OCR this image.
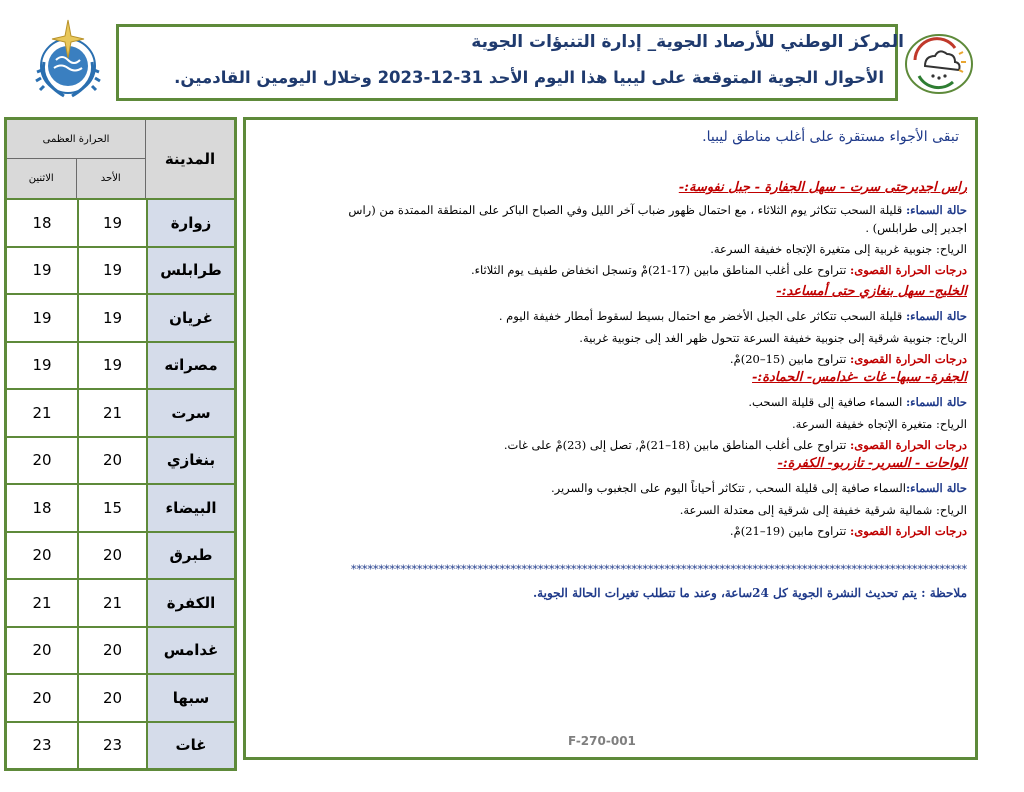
المركز الوطني للأرصاد الجوية_ إدارة التنبؤات الجوية
الأحوال الجوية المتوقعة على ليبيا هذا اليوم الأحد 31-12-2023 وخلال اليومين القادمين.
الحرارة العظمى
الاثنين	الأحد
المدينة
18	19	زوارة
19	19	طرابلس
19	19	غريان
19	19	مصراته
21	21	سرت
20	20	بنغازي
18	15	البيضاء
20	20	طبرق
21	21	الكفرة
20	20	غدامس
20	20	سبها
23	23	غات
تبقى الأجواء مستقرة على أغلب مناطق ليبيا.
راس اجديرحتى سرت - سهل الجفارة - جبل نفوسة:-
حالة السماء: قليلة السحب تتكاثر يوم الثلاثاء ، مع احتمال ظهور ضباب آخر الليل وفي الصباح الباكر على المنطقة الممتدة من (راس
اجدير إلى طرابلس) .
الرياح: جنوبية غربية إلى متغيرة الإتجاه خفيفة السرعة.
درجات الحرارة القصوى: تتراوح على أغلب المناطق مابين (17-21)مْ وتسجل انخفاض طفيف يوم الثلاثاء.
الخليج- سهل بنغازي حتى أمساعد:-
حالة السماء: قليلة السحب تتكاثر على الجبل الأخضر مع احتمال بسيط لسقوط أمطار خفيفة اليوم .
الرياح: جنوبية شرقية إلى جنوبية خفيفة السرعة تتحول ظهر الغد إلى جنوبية غربية.
درجات الحرارة القصوى: تتراوح مابين (15–20)مْ.
الجفرة- سبها- غات -غدامس- الحمادة:-
حالة السماء: السماء صافية إلى قليلة السحب.
الرياح: متغيرة الإتجاه خفيفة السرعة.
درجات الحرارة القصوى: تتراوح على أغلب المناطق مابين (18–21)مْ, تصل إلى (23)مْ على غات.
الواحات - السرير- تازربو- الكفرة:-
حالة السماء:السماء صافية إلى قليلة السحب , تتكاثر أحياناً اليوم على الجغبوب والسرير.
الرياح: شمالية شرقية خفيفة إلى شرقية إلى معتدلة السرعة.
درجات الحرارة القصوى: تتراوح مابين (19–21)مْ.
****************************************************************************************************************
ملاحظة : يتم تحديث النشرة الجوية كل 24ساعة، وعند ما تتطلب تغيرات الحالة الجوية.
F-270-001
